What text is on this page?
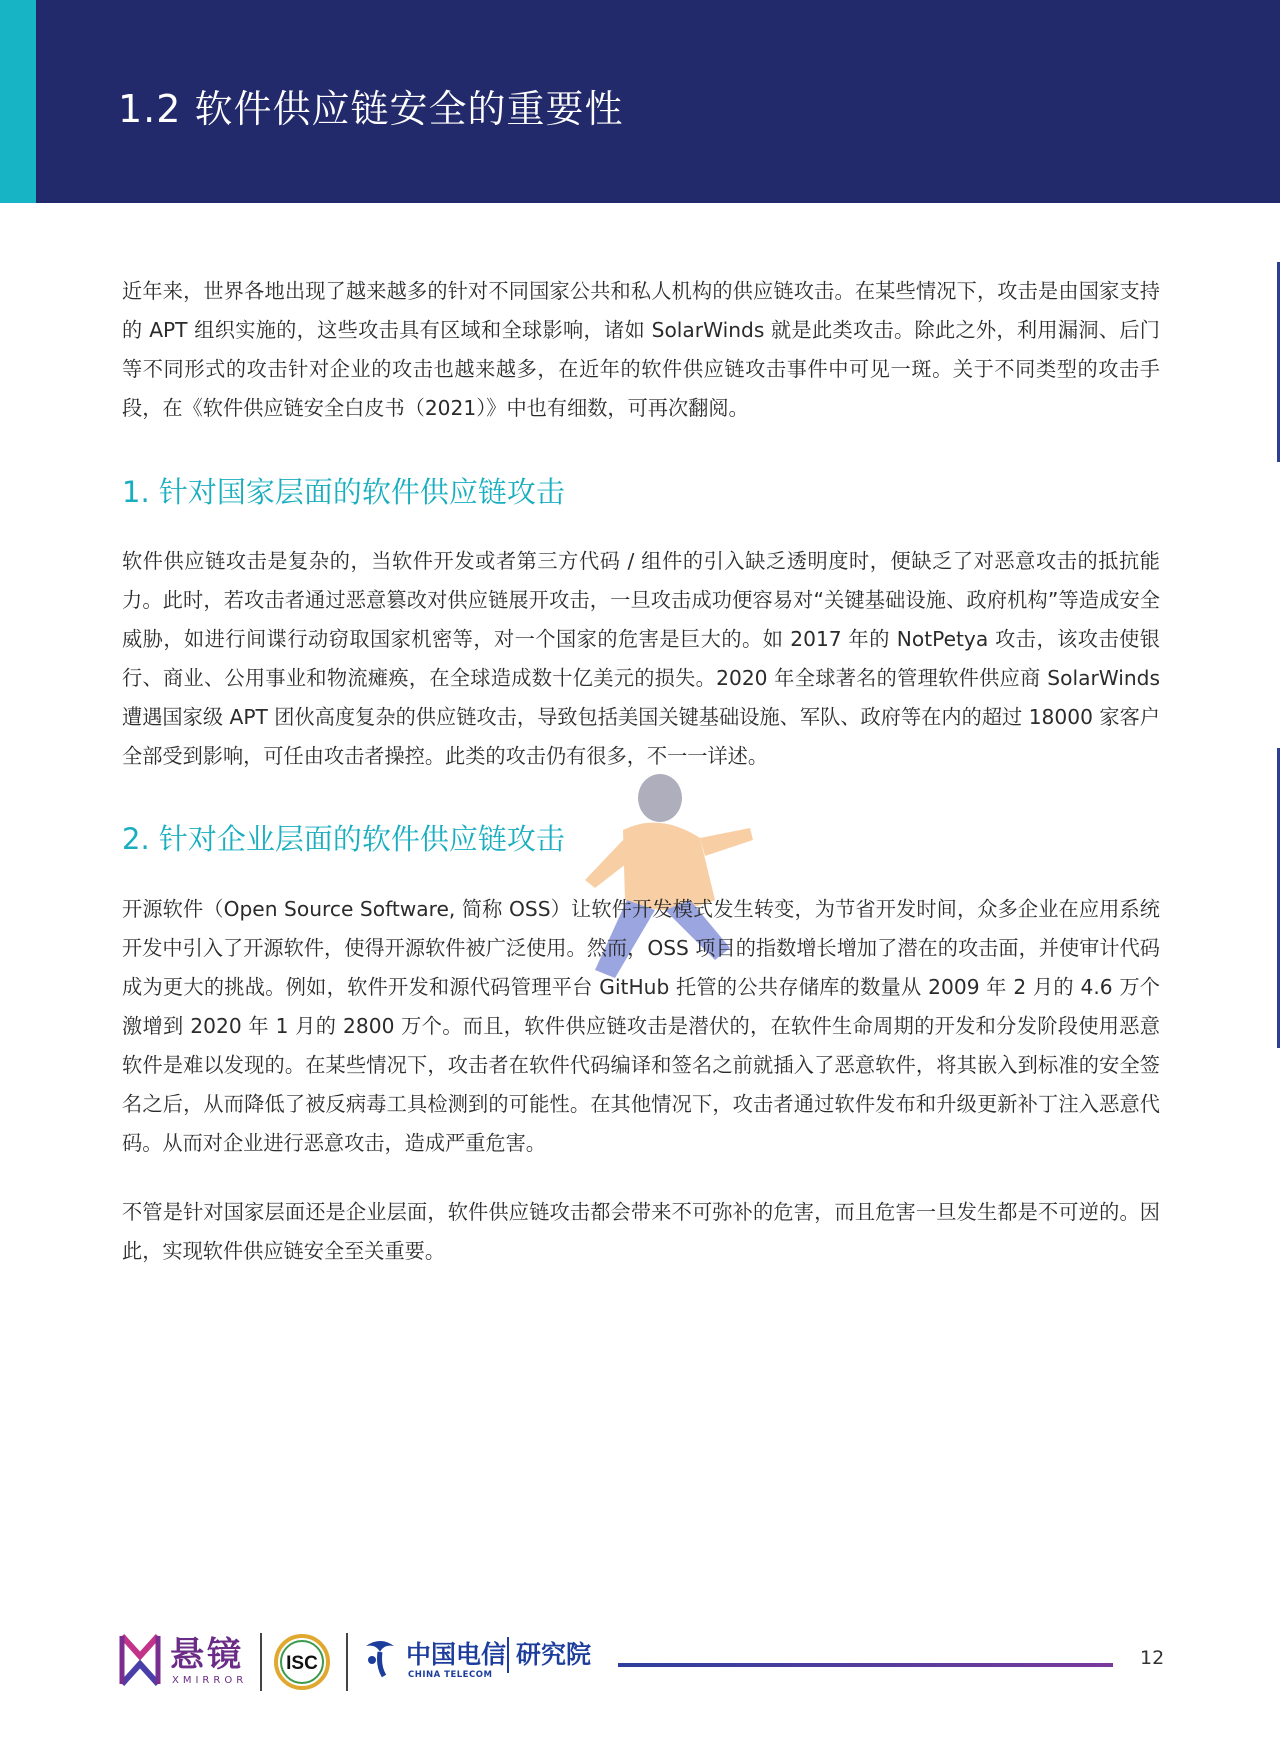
1.2 软件供应链安全的重要性

近年来，世界各地出现了越来越多的针对不同国家公共和私人机构的供应链攻击。在某些情况下，攻击是由国家支持的 APT 组织实施的，这些攻击具有区域和全球影响，诸如 SolarWinds 就是此类攻击。除此之外，利用漏洞、后门等不同形式的攻击针对企业的攻击也越来越多，在近年的软件供应链攻击事件中可见一斑。关于不同类型的攻击手段，在《软件供应链安全白皮书（2021）》中也有细数，可再次翻阅。

1. 针对国家层面的软件供应链攻击

软件供应链攻击是复杂的，当软件开发或者第三方代码 / 组件的引入缺乏透明度时，便缺乏了对恶意攻击的抵抗能力。此时，若攻击者通过恶意篡改对供应链展开攻击，一旦攻击成功便容易对“关键基础设施、政府机构”等造成安全威胁，如进行间谍行动窃取国家机密等，对一个国家的危害是巨大的。如 2017 年的 NotPetya 攻击，该攻击使银行、商业、公用事业和物流瘫痪，在全球造成数十亿美元的损失。2020 年全球著名的管理软件供应商 SolarWinds 遭遇国家级 APT 团伙高度复杂的供应链攻击，导致包括美国关键基础设施、军队、政府等在内的超过 18000 家客户全部受到影响，可任由攻击者操控。此类的攻击仍有很多，不一一详述。

2. 针对企业层面的软件供应链攻击

开源软件（Open Source Software, 简称 OSS）让软件开发模式发生转变，为节省开发时间，众多企业在应用系统开发中引入了开源软件，使得开源软件被广泛使用。然而，OSS 项目的指数增长增加了潜在的攻击面，并使审计代码成为更大的挑战。例如，软件开发和源代码管理平台 GitHub 托管的公共存储库的数量从 2009 年 2 月的 4.6 万个激增到 2020 年 1 月的 2800 万个。而且，软件供应链攻击是潜伏的，在软件生命周期的开发和分发阶段使用恶意软件是难以发现的。在某些情况下，攻击者在软件代码编译和签名之前就插入了恶意软件，将其嵌入到标准的安全签名之后，从而降低了被反病毒工具检测到的可能性。在其他情况下，攻击者通过软件发布和升级更新补丁注入恶意代码。从而对企业进行恶意攻击，造成严重危害。

不管是针对国家层面还是企业层面，软件供应链攻击都会带来不可弥补的危害，而且危害一旦发生都是不可逆的。因此，实现软件供应链安全至关重要。

悬镜
XMIRROR
ISC	中国电信
CHINA TELECOM
研究院	12
